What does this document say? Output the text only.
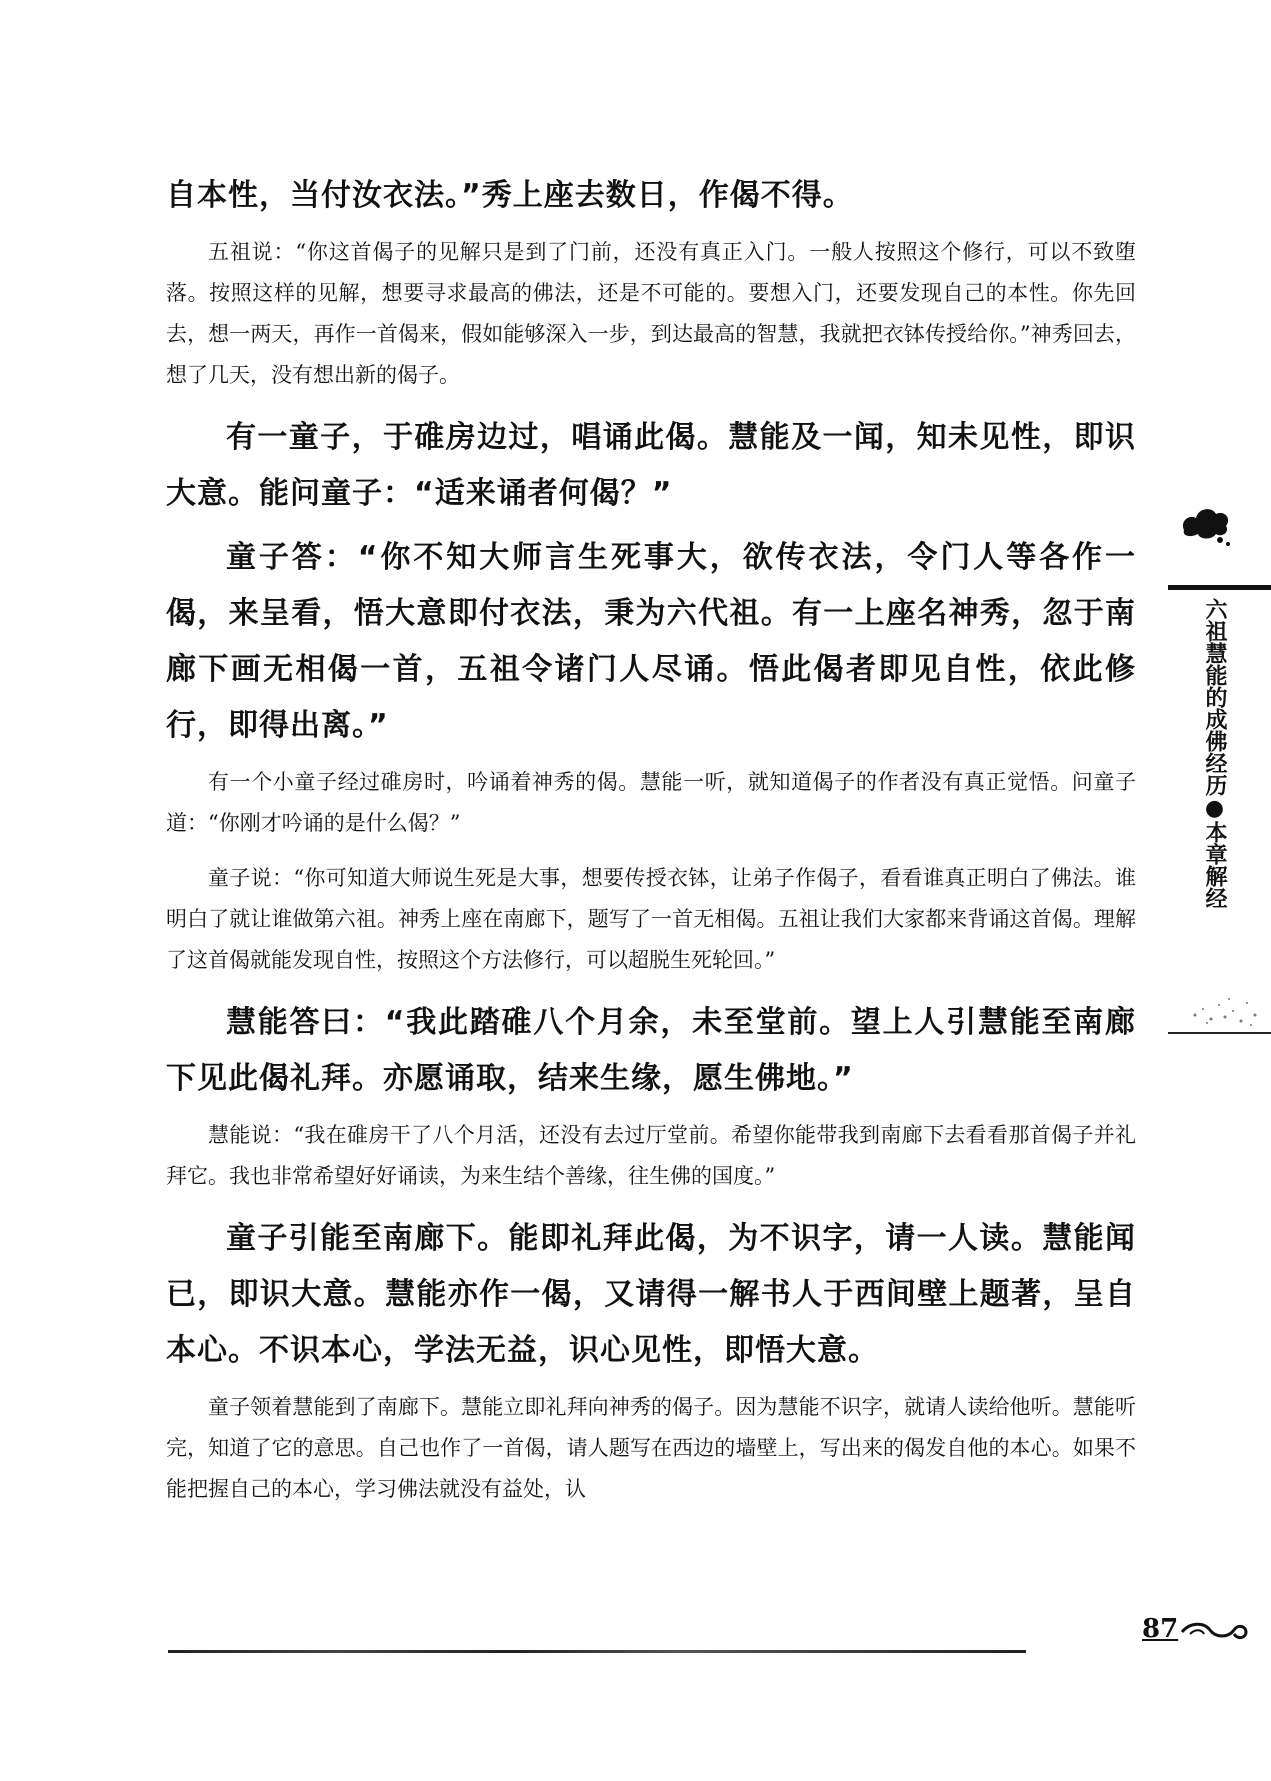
自本性，当付汝衣法。”秀上座去数日，作偈不得。

五祖说：“你这首偈子的见解只是到了门前，还没有真正入门。一般人按照这个修行，可以不致堕落。按照这样的见解，想要寻求最高的佛法，还是不可能的。要想入门，还要发现自己的本性。你先回去，想一两天，再作一首偈来，假如能够深入一步，到达最高的智慧，我就把衣钵传授给你。”神秀回去，想了几天，没有想出新的偈子。

有一童子，于碓房边过，唱诵此偈。慧能及一闻，知未见性，即识大意。能问童子：“适来诵者何偈？”

童子答：“你不知大师言生死事大，欲传衣法，令门人等各作一偈，来呈看，悟大意即付衣法，秉为六代祖。有一上座名神秀，忽于南廊下画无相偈一首，五祖令诸门人尽诵。悟此偈者即见自性，依此修行，即得出离。”

有一个小童子经过碓房时，吟诵着神秀的偈。慧能一听，就知道偈子的作者没有真正觉悟。问童子道：“你刚才吟诵的是什么偈？”

童子说：“你可知道大师说生死是大事，想要传授衣钵，让弟子作偈子，看看谁真正明白了佛法。谁明白了就让谁做第六祖。神秀上座在南廊下，题写了一首无相偈。五祖让我们大家都来背诵这首偈。理解了这首偈就能发现自性，按照这个方法修行，可以超脱生死轮回。”

慧能答曰：“我此踏碓八个月余，未至堂前。望上人引慧能至南廊下见此偈礼拜。亦愿诵取，结来生缘，愿生佛地。”

慧能说：“我在碓房干了八个月活，还没有去过厅堂前。希望你能带我到南廊下去看看那首偈子并礼拜它。我也非常希望好好诵读，为来生结个善缘，往生佛的国度。”

童子引能至南廊下。能即礼拜此偈，为不识字，请一人读。慧能闻已，即识大意。慧能亦作一偈，又请得一解书人于西间壁上题著，呈自本心。不识本心，学法无益，识心见性，即悟大意。

童子领着慧能到了南廊下。慧能立即礼拜向神秀的偈子。因为慧能不识字，就请人读给他听。慧能听完，知道了它的意思。自己也作了一首偈，请人题写在西边的墙壁上，写出来的偈发自他的本心。如果不能把握自己的本心，学习佛法就没有益处，认

六祖慧能的成佛经历●本章解经
87
